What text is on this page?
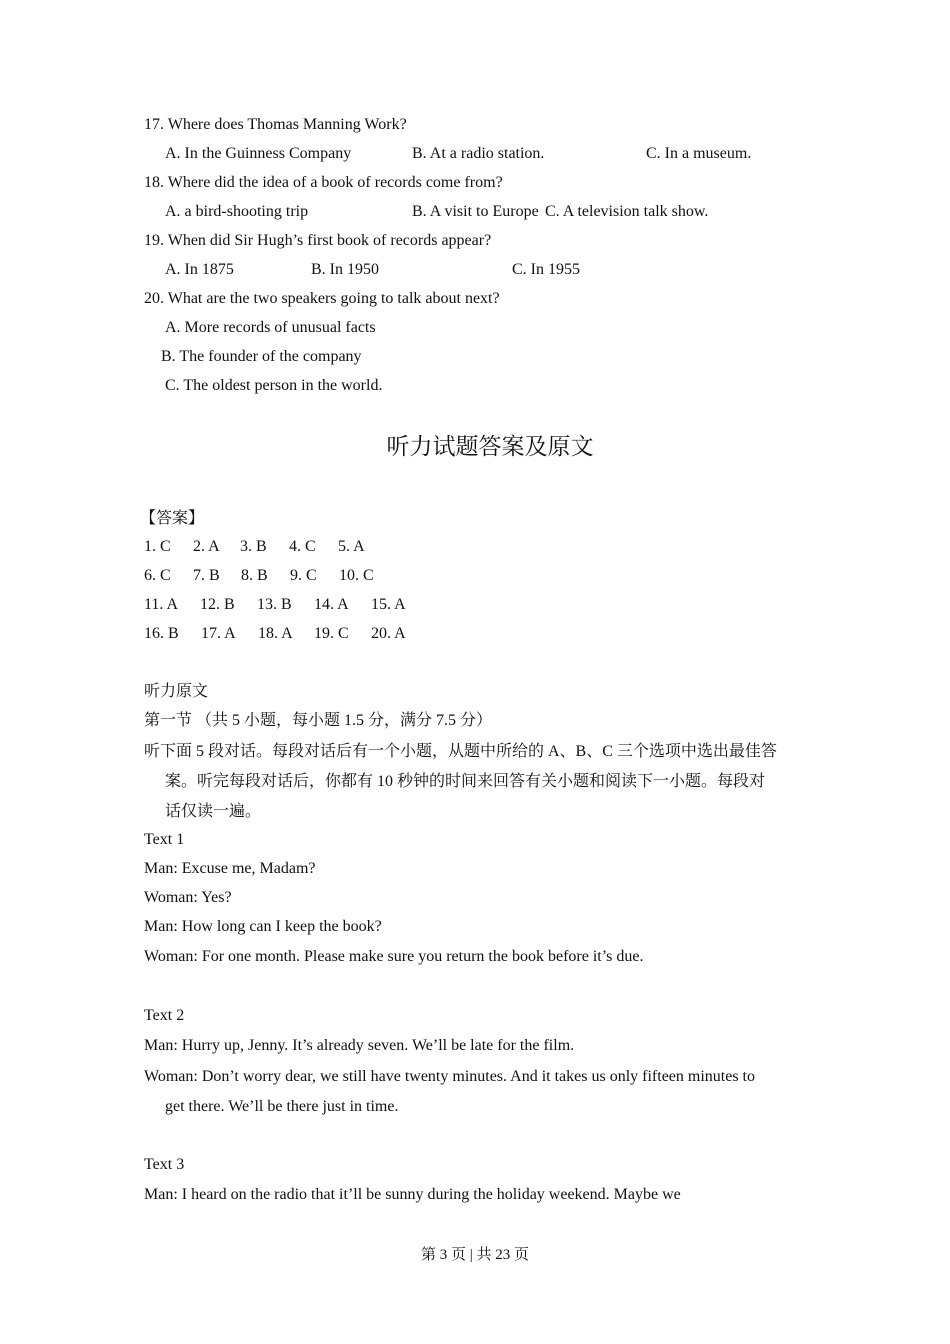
17. Where does Thomas Manning Work?
A. In the Guinness Company	B. At a radio station.	C. In a museum.
18. Where did the idea of a book of records come from?
A. a bird-shooting trip	B. A visit to Europe C. A television talk show.
19. When did Sir Hugh’s first book of records appear?
A. In 1875	B. In 1950	C. In 1955
20. What are the two speakers going to talk about next?
A. More records of unusual facts
B. The founder of the company
C. The oldest person in the world.
听力试题答案及原文
【答案】
1. C 2. A 3. B 4. C 5. A
6. C 7. B 8. B 9. C 10. C
11. A 12. B 13. B 14. A 15. A
16. B 17. A 18. A 19. C 20. A
听力原文
第一节 （共 5 小题，每小题 1.5 分，满分 7.5 分）
听下面 5 段对话。每段对话后有一个小题，从题中所给的 A、B、C 三个选项中选出最佳答
案。听完每段对话后，你都有 10 秒钟的时间来回答有关小题和阅读下一小题。每段对
话仅读一遍。
Text 1
Man: Excuse me, Madam?
Woman: Yes?
Man: How long can I keep the book?
Woman: For one month. Please make sure you return the book before it’s due.
Text 2
Man: Hurry up, Jenny. It’s already seven. We’ll be late for the film.
Woman: Don’t worry dear, we still have twenty minutes. And it takes us only fifteen minutes to
get there. We’ll be there just in time.
Text 3
Man: I heard on the radio that it’ll be sunny during the holiday weekend. Maybe we
第 3 页 | 共 23 页
